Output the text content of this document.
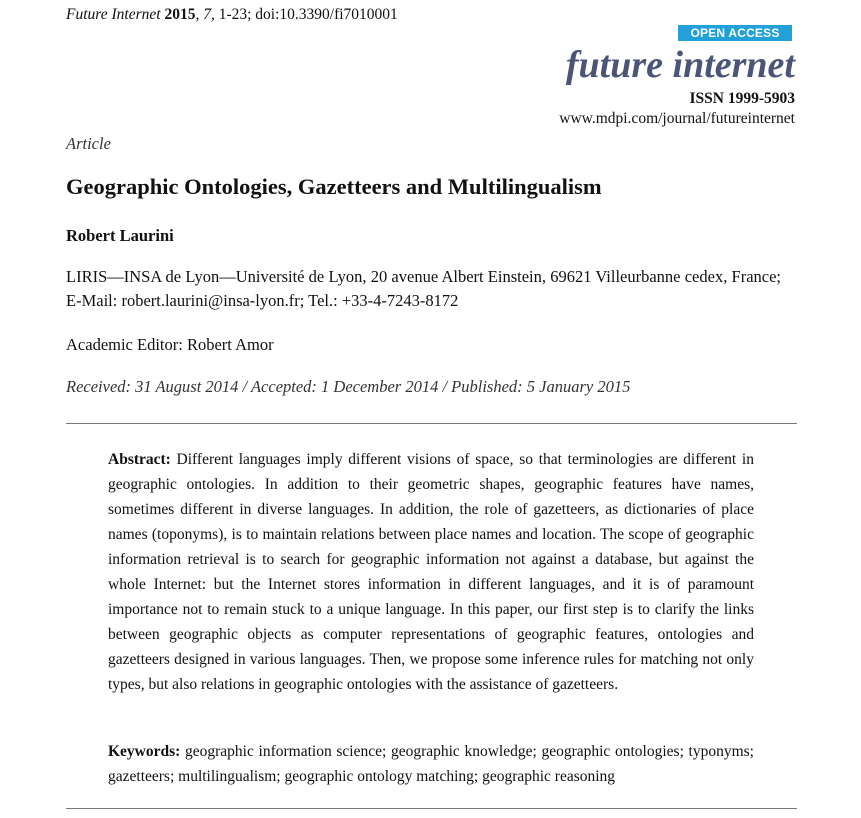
Future Internet 2015, 7, 1-23; doi:10.3390/fi7010001
OPEN ACCESS
future internet
ISSN 1999-5903
www.mdpi.com/journal/futureinternet
Article
Geographic Ontologies, Gazetteers and Multilingualism
Robert Laurini
LIRIS—INSA de Lyon—Université de Lyon, 20 avenue Albert Einstein, 69621 Villeurbanne cedex, France; E-Mail: robert.laurini@insa-lyon.fr; Tel.: +33-4-7243-8172
Academic Editor: Robert Amor
Received: 31 August 2014 / Accepted: 1 December 2014 / Published: 5 January 2015

Abstract: Different languages imply different visions of space, so that terminologies are different in geographic ontologies. In addition to their geometric shapes, geographic features have names, sometimes different in diverse languages. In addition, the role of gazetteers, as dictionaries of place names (toponyms), is to maintain relations between place names and location. The scope of geographic information retrieval is to search for geographic information not against a database, but against the whole Internet: but the Internet stores information in different languages, and it is of paramount importance not to remain stuck to a unique language. In this paper, our first step is to clarify the links between geographic objects as computer representations of geographic features, ontologies and gazetteers designed in various languages. Then, we propose some inference rules for matching not only types, but also relations in geographic ontologies with the assistance of gazetteers.

Keywords: geographic information science; geographic knowledge; geographic ontologies; typonyms; gazetteers; multilingualism; geographic ontology matching; geographic reasoning
